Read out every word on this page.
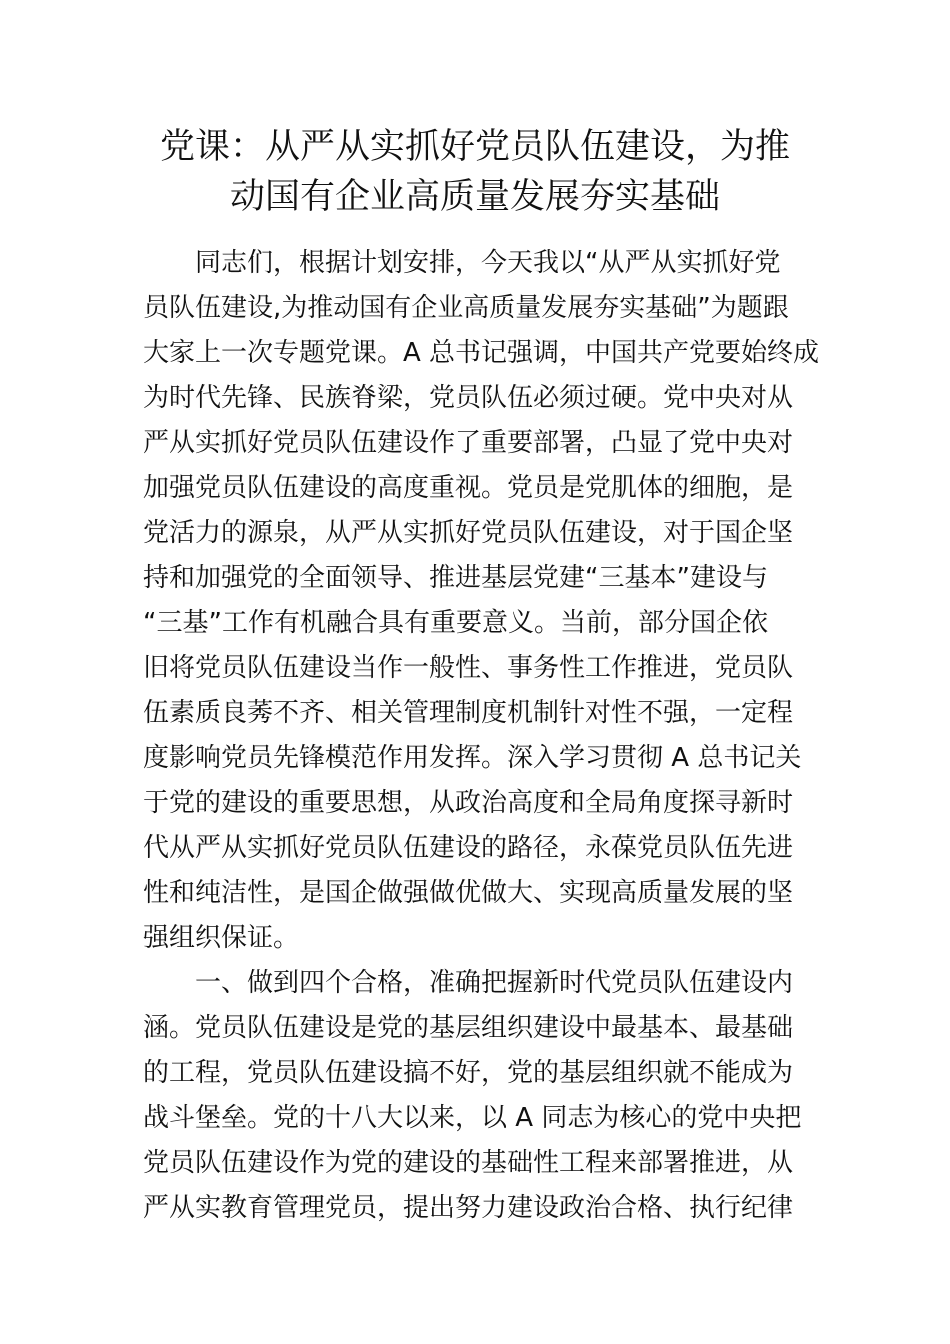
党课：从严从实抓好党员队伍建设，为推
动国有企业高质量发展夯实基础

同志们，根据计划安排，今天我以“从严从实抓好党

员队伍建设,为推动国有企业高质量发展夯实基础”为题跟

大家上一次专题党课。A 总书记强调，中国共产党要始终成

为时代先锋、民族脊梁，党员队伍必须过硬。党中央对从

严从实抓好党员队伍建设作了重要部署，凸显了党中央对

加强党员队伍建设的高度重视。党员是党肌体的细胞，是

党活力的源泉，从严从实抓好党员队伍建设，对于国企坚

持和加强党的全面领导、推进基层党建“三基本”建设与

“三基”工作有机融合具有重要意义。当前，部分国企依

旧将党员队伍建设当作一般性、事务性工作推进，党员队

伍素质良莠不齐、相关管理制度机制针对性不强，一定程

度影响党员先锋模范作用发挥。深入学习贯彻 A 总书记关

于党的建设的重要思想，从政治高度和全局角度探寻新时

代从严从实抓好党员队伍建设的路径，永葆党员队伍先进

性和纯洁性，是国企做强做优做大、实现高质量发展的坚

强组织保证。

一、做到四个合格，准确把握新时代党员队伍建设内

涵。党员队伍建设是党的基层组织建设中最基本、最基础

的工程，党员队伍建设搞不好，党的基层组织就不能成为

战斗堡垒。党的十八大以来，以 A 同志为核心的党中央把

党员队伍建设作为党的建设的基础性工程来部署推进，从

严从实教育管理党员，提出努力建设政治合格、执行纪律
